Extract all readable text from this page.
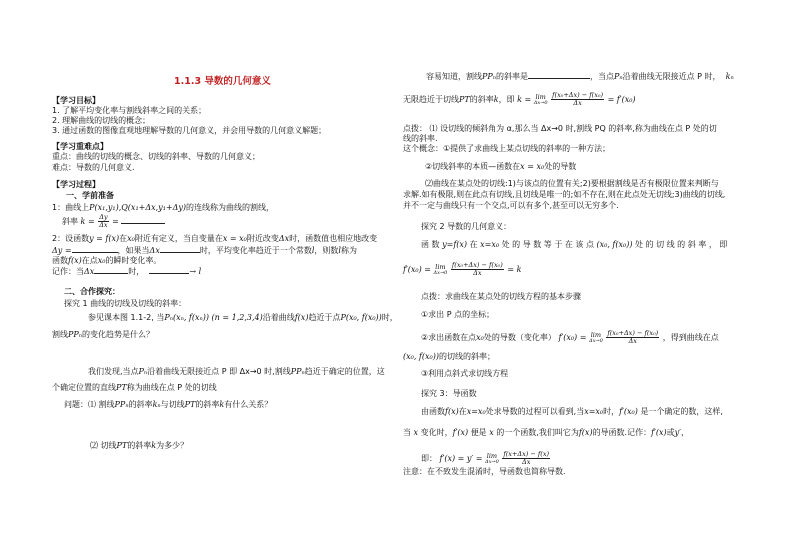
1.1.3 导数的几何意义
【学习目标】
1. 了解平均变化率与割线斜率之间的关系；
2. 理解曲线的切线的概念；
3. 通过函数的图像直观地理解导数的几何意义，并会用导数的几何意义解题；
【学习重难点】
重点：曲线的切线的概念、切线的斜率、导数的几何意义；
难点：导数的几何意义.
【学习过程】
一、学前准备
1：曲线上P(x₁,y₁),Q(x₁+Δx,y₁+Δy)的连线称为曲线的割线，
斜率 $k = \frac{\Delta y}{\Delta x}$ =
2：设函数y = f(x)在x₀附近有定义，当自变量在x = x₀附近改变Δx时，函数值也相应地改变
Δy =	，如果当Δx	时，平均变化率趋近于一个常数l，则数l称为
函数f(x)在点x₀的瞬时变化率。
记作：当Δx	时，	→ l
二、合作探究：
探究 1 曲线的切线及切线的斜率：
参见课本图 1.1-2, 当Pₙ(xₙ, f(xₙ)) (n = 1,2,3,4)沿着曲线f(x)趋近于点P(x₀, f(x₀))时，
割线PPₙ的变化趋势是什么？
我们发现,当点Pₙ沿着曲线无限接近点 P 即 Δx→0 时,割线PPₙ趋近于确定的位置，这
个确定位置的直线PT称为曲线在点 P 处的切线
问题：⑴ 割线PPₙ的斜率kₙ与切线PT的斜率k有什么关系？
⑵ 切线PT的斜率k为多少？
容易知道，割线PPₙ的斜率是	，当点Pₙ沿着曲线无限接近点 P 时， kₙ
无限趋近于切线PT的斜率k，即 k = lim
Δx→0
$\frac{\text{f(x₀+Δx) − f(x₀)}}{\Delta x} = f'(x_0)$
点拨： ⑴ 设切线的倾斜角为 α,那么当 Δx→0 时,割线 PQ 的斜率,称为曲线在点 P 处的切
线的斜率.
这个概念：①提供了求曲线上某点切线的斜率的一种方法；
②切线斜率的本质—函数在x = x₀处的导数
⑵曲线在某点处的切线:1)与该点的位置有关;2)要根据割线是否有极限位置来判断与
求解.如有极限,则在此点有切线,且切线是唯一的;如不存在,则在此点处无切线;3)曲线的切线,
并不一定与曲线只有一个交点,可以有多个,甚至可以无穷多个.
探究 2 导数的几何意义：
函 数 y=f(x) 在 x=x₀ 处 的 导 数 等 于 在 该 点 (x₀, f(x₀)) 处 的 切 线 的 斜 率 ， 即
f′(x₀) = lim
Δx→0
$\frac{\text{f(x₀+Δx) − f(x₀)}}{\Delta x} = k$
点拨：求曲线在某点处的切线方程的基本步骤
①求出 P 点的坐标；
②求出函数在点x₀处的导数（变化率） f′(x₀) = lim
Δx→0
$\frac{\text{f(x₀+Δx) − f(x₀)}}{\Delta x}$ ，得到曲线在点
(x₀, f(x₀))的切线的斜率；
③利用点斜式求切线方程
探究 3：导函数
由函数f(x)在x=x₀处求导数的过程可以看到,当x=x₀时，f′(x₀) 是一个确定的数，这样,
当 x 变化时，f′(x) 便是 x 的一个函数,我们叫它为f(x)的导函数.记作：f′(x)或y′，
即： f′(x) = y′ = lim
Δx→0
$\frac{f(x+\Delta x) - f(x)}{\Delta x}$
注意：在不致发生混淆时，导函数也简称导数.
